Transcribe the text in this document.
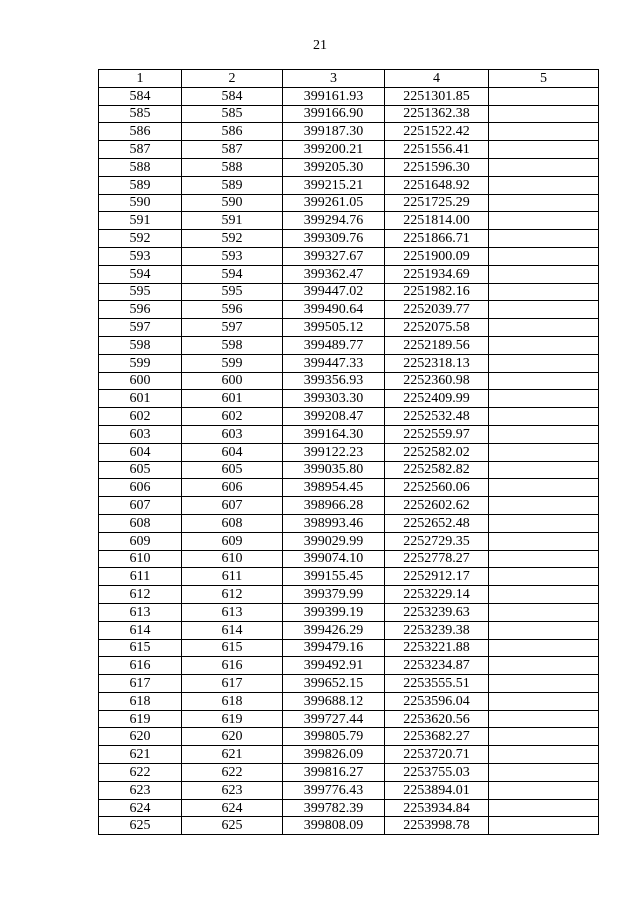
21
1	2	3	4	5
584	584	399161.93	2251301.85	
585	585	399166.90	2251362.38	
586	586	399187.30	2251522.42	
587	587	399200.21	2251556.41	
588	588	399205.30	2251596.30	
589	589	399215.21	2251648.92	
590	590	399261.05	2251725.29	
591	591	399294.76	2251814.00	
592	592	399309.76	2251866.71	
593	593	399327.67	2251900.09	
594	594	399362.47	2251934.69	
595	595	399447.02	2251982.16	
596	596	399490.64	2252039.77	
597	597	399505.12	2252075.58	
598	598	399489.77	2252189.56	
599	599	399447.33	2252318.13	
600	600	399356.93	2252360.98	
601	601	399303.30	2252409.99	
602	602	399208.47	2252532.48	
603	603	399164.30	2252559.97	
604	604	399122.23	2252582.02	
605	605	399035.80	2252582.82	
606	606	398954.45	2252560.06	
607	607	398966.28	2252602.62	
608	608	398993.46	2252652.48	
609	609	399029.99	2252729.35	
610	610	399074.10	2252778.27	
611	611	399155.45	2252912.17	
612	612	399379.99	2253229.14	
613	613	399399.19	2253239.63	
614	614	399426.29	2253239.38	
615	615	399479.16	2253221.88	
616	616	399492.91	2253234.87	
617	617	399652.15	2253555.51	
618	618	399688.12	2253596.04	
619	619	399727.44	2253620.56	
620	620	399805.79	2253682.27	
621	621	399826.09	2253720.71	
622	622	399816.27	2253755.03	
623	623	399776.43	2253894.01	
624	624	399782.39	2253934.84	
625	625	399808.09	2253998.78	
